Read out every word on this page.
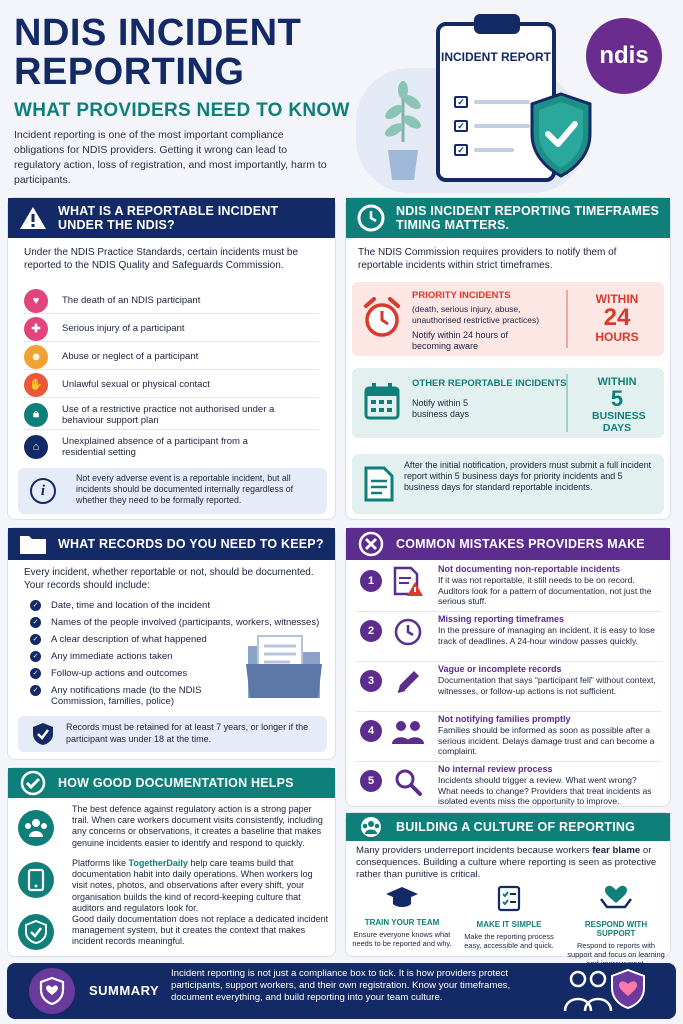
NDIS INCIDENT REPORTING
WHAT PROVIDERS NEED TO KNOW
Incident reporting is one of the most important compliance obligations for NDIS providers. Getting it wrong can lead to regulatory action, loss of registration, and most importantly, harm to participants.
INCIDENT REPORT
✓
✓
✓
ndis
WHAT IS A REPORTABLE INCIDENT UNDER THE NDIS?
Under the NDIS Practice Standards, certain incidents must be reported to the NDIS Quality and Safeguards Commission.
♥	The death of an NDIS participant
✚	Serious injury of a participant
☻	Abuse or neglect of a participant
✋	Unlawful sexual or physical contact
🔒︎	Use of a restrictive practice not authorised under a behaviour support plan
⌂	Unexplained absence of a participant from a residential setting
i
Not every adverse event is a reportable incident, but all incidents should be documented internally regardless of whether they need to be formally reported.
NDIS INCIDENT REPORTING TIMEFRAMES TIMING MATTERS.
The NDIS Commission requires providers to notify them of reportable incidents within strict timeframes.
PRIORITY INCIDENTS
(death, serious injury, abuse, unauthorised restrictive practices)
Notify within 24 hours of becoming aware
WITHIN
24
HOURS
OTHER REPORTABLE INCIDENTS
Notify within 5 business days
WITHIN
5
BUSINESS DAYS
After the initial notification, providers must submit a full incident report within 5 business days for priority incidents and 5 business days for standard reportable incidents.
WHAT RECORDS DO YOU NEED TO KEEP?
Every incident, whether reportable or not, should be documented. Your records should include:
✓ Date, time and location of the incident
✓ Names of the people involved (participants, workers, witnesses)
✓ A clear description of what happened
✓ Any immediate actions taken
✓ Follow-up actions and outcomes
✓ Any notifications made (to the NDIS Commission, families, police)
Records must be retained for at least 7 years, or longer if the participant was under 18 at the time.
COMMON MISTAKES PROVIDERS MAKE
1
Not documenting non-reportable incidents
If it was not reportable, it still needs to be on record. Auditors look for a pattern of documentation, not just the serious stuff.
2
Missing reporting timeframes
In the pressure of managing an incident, it is easy to lose track of deadlines. A 24-hour window passes quickly.
3
Vague or incomplete records
Documentation that says “participant fell” without context, witnesses, or follow-up actions is not sufficient.
4
Not notifying families promptly
Families should be informed as soon as possible after a serious incident. Delays damage trust and can become a complaint.
5
No internal review process
Incidents should trigger a review. What went wrong? What needs to change? Providers that treat incidents as isolated events miss the opportunity to improve.
HOW GOOD DOCUMENTATION HELPS
The best defence against regulatory action is a strong paper trail. When care workers document visits consistently, including any concerns or observations, it creates a baseline that makes genuine incidents easier to identify and respond to quickly.
Platforms like TogetherDaily help care teams build that documentation habit into daily operations. When workers log visit notes, photos, and observations after every shift, your organisation builds the kind of record-keeping culture that auditors and regulators look for.
Good daily documentation does not replace a dedicated incident management system, but it creates the context that makes incident records meaningful.
BUILDING A CULTURE OF REPORTING
Many providers underreport incidents because workers fear blame or consequences. Building a culture where reporting is seen as protective rather than punitive is critical.
TRAIN YOUR TEAM
Ensure everyone knows what needs to be reported and why.
MAKE IT SIMPLE
Make the reporting process easy, accessible and quick.
RESPOND WITH SUPPORT
Respond to reports with support and focus on learning
SUMMARY
Incident reporting is not just a compliance box to tick. It is how providers protect participants, support workers, and their own registration. Know your timeframes, document everything, and build reporting into your team culture.
